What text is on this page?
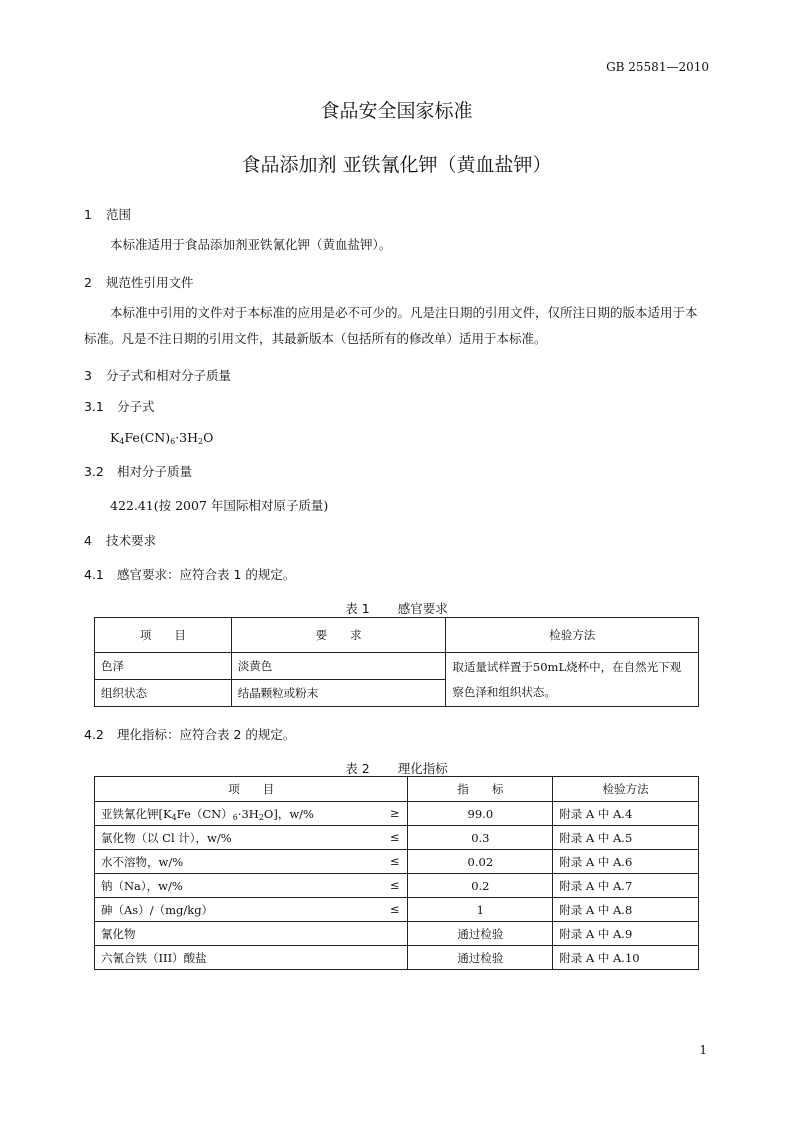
GB 25581—2010
食品安全国家标准
食品添加剂 亚铁氰化钾（黄血盐钾）
1 范围
本标准适用于食品添加剂亚铁氰化钾（黄血盐钾）。
2 规范性引用文件
本标准中引用的文件对于本标准的应用是必不可少的。凡是注日期的引用文件，仅所注日期的版本适用于本标准。凡是不注日期的引用文件，其最新版本（包括所有的修改单）适用于本标准。
3 分子式和相对分子质量
3.1 分子式
$K_4Fe(CN)_6\cdot 3H_2O$
3.2 相对分子质量
422.41(按 2007 年国际相对原子质量)
4 技术要求
4.1 感官要求：应符合表 1 的规定。
表 1 感官要求
项　　目	要　　求	检验方法
色泽	淡黄色	取适量试样置于50mL烧杯中，在自然光下观察色泽和组织状态。
组织状态	结晶颗粒或粉末	
4.2 理化指标：应符合表 2 的规定。
表 2 理化指标
项　　目	指　　标	检验方法
亚铁氰化钾$[K_4Fe(CN)_6\cdot 3H_2O]$，w/% ≥	99.0	附录 A 中 A.4
氯化物（以 Cl 计），w/% ≤	0.3	附录 A 中 A.5
水不溶物，w/% ≤	0.02	附录 A 中 A.6
钠（Na），w/% ≤	0.2	附录 A 中 A.7
砷（As）/（mg/kg） ≤	1	附录 A 中 A.8
氰化物	通过检验	附录 A 中 A.9
六氰合铁（III）酸盐	通过检验	附录 A 中 A.10
1
